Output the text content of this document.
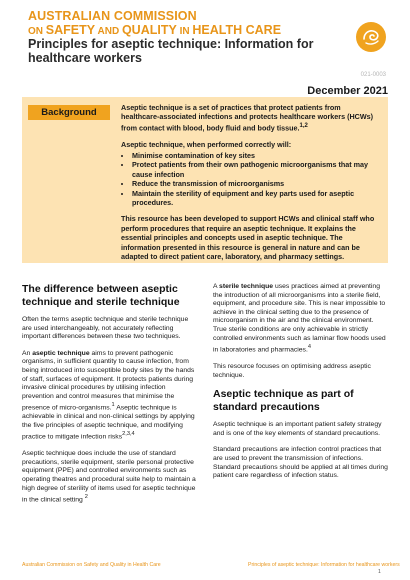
AUSTRALIAN COMMISSION
ON SAFETY AND QUALITY IN HEALTH CARE
Principles for aseptic technique: Information for healthcare workers
021-0003
December 2021
Background	Aseptic technique is a set of practices that protect patients from healthcare-associated infections and protects healthcare workers (HCWs) from contact with blood, body fluid and body tissue.$^{1,2}$

Aseptic technique, when performed correctly will:

• Minimise contamination of key sites
• Protect patients from their own pathogenic microorganisms that may cause infection
• Reduce the transmission of microorganisms
• Maintain the sterility of equipment and key parts used for aseptic procedures.

This resource has been developed to support HCWs and clinical staff who perform procedures that require an aseptic technique. It explains the essential principles and concepts used in aseptic technique. The information presented in this resource is general in nature and can be adapted to direct patient care, laboratory, and pharmacy settings.

The difference between aseptic technique and sterile technique

Often the terms aseptic technique and sterile technique are used interchangeably, not accurately reflecting important differences between these two techniques.

An aseptic technique aims to prevent pathogenic organisms, in sufficient quantity to cause infection, from being introduced into susceptible body sites by the hands of staff, surfaces of equipment. It protects patients during invasive clinical procedures by utilising infection prevention and control measures that minimise the presence of micro-organisms.$^1$ Aseptic technique is achievable in clinical and non-clinical settings by applying the five principles of aseptic technique, and modifying practice to mitigate infection risks$^{2,3,4}$

Aseptic technique does include the use of standard precautions, sterile equipment, sterile personal protective equipment (PPE) and controlled environments such as operating theatres and procedural suite help to maintain a high degree of sterility of items used for aseptic technique in the clinical setting $^2$

A sterile technique uses practices aimed at preventing the introduction of all microorganisms into a sterile field, equipment, and procedure site. This is near impossible to achieve in the clinical setting due to the presence of microorganism in the air and the clinical environment. True sterile conditions are only achievable in strictly controlled environments such as laminar flow hoods used in laboratories and pharmacies.$^4$

This resource focuses on optimising address aseptic technique.

Aseptic technique as part of standard precautions

Aseptic technique is an important patient safety strategy and is one of the key elements of standard precautions.

Standard precautions are infection control practices that are used to prevent the transmission of infections. Standard precautions should be applied at all times during patient care regardless of infection status.

Australian Commission on Safety and Quality in Health Care	Principles of aseptic technique: Information for healthcare workers
1
